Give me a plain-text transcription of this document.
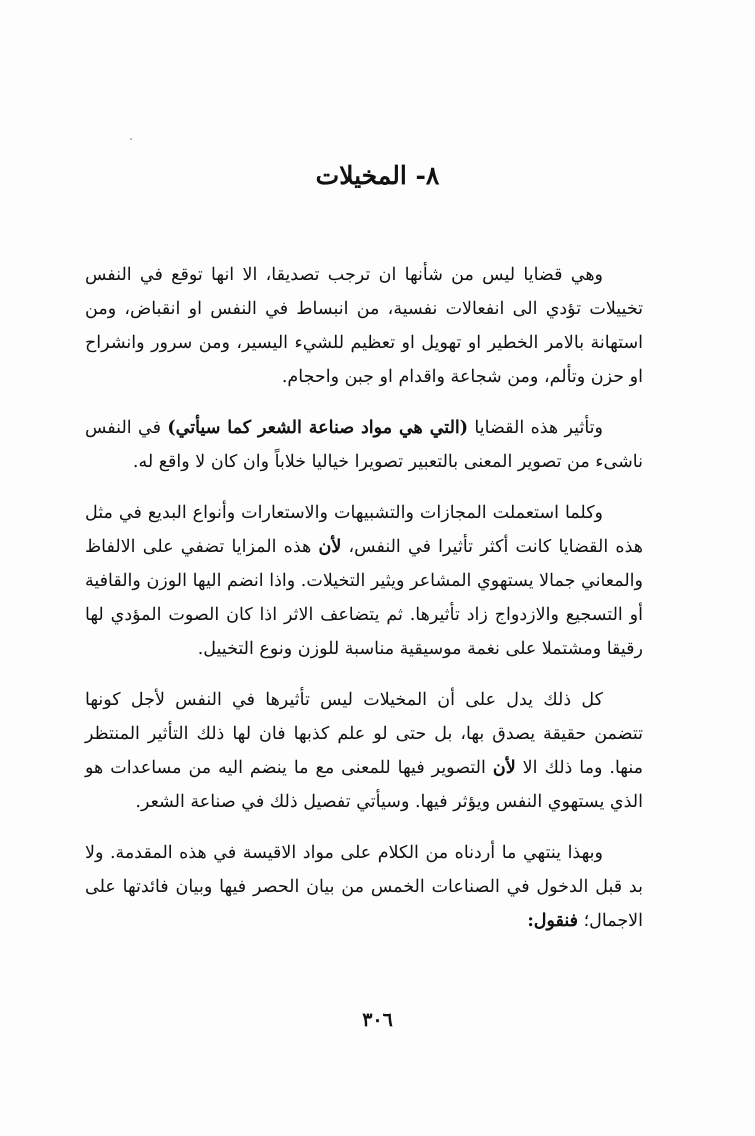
٨- المخيلات

وهي قضايا ليس من شأنها ان ترجب تصديقا، الا انها توقع في النفس تخييلات تؤدي الى انفعالات نفسية، من انبساط في النفس او انقباض، ومن استهانة بالامر الخطير او تهويل او تعظيم للشيء اليسير، ومن سرور وانشراح او حزن وتألم، ومن شجاعة واقدام او جبن واحجام.

وتأثير هذه القضايا (التي هي مواد صناعة الشعر كما سيأتي) في النفس ناشىء من تصوير المعنى بالتعبير تصويرا خياليا خلاباً وان كان لا واقع له.

وكلما استعملت المجازات والتشبيهات والاستعارات وأنواع البديع في مثل هذه القضايا كانت أكثر تأثيرا في النفس، لأن هذه المزايا تضفي على الالفاظ والمعاني جمالا يستهوي المشاعر ويثير التخيلات. واذا انضم اليها الوزن والقافية أو التسجيع والازدواج زاد تأثيرها. ثم يتضاعف الاثر اذا كان الصوت المؤدي لها رقيقا ومشتملا على نغمة موسيقية مناسبة للوزن ونوع التخييل.

كل ذلك يدل على أن المخيلات ليس تأثيرها في النفس لأجل كونها تتضمن حقيقة يصدق بها، بل حتى لو علم كذبها فان لها ذلك التأثير المنتظر منها. وما ذلك الا لأن التصوير فيها للمعنى مع ما ينضم اليه من مساعدات هو الذي يستهوي النفس ويؤثر فيها. وسيأتي تفصيل ذلك في صناعة الشعر.

وبهذا ينتهي ما أردناه من الكلام على مواد الاقيسة في هذه المقدمة. ولا بد قبل الدخول في الصناعات الخمس من بيان الحصر فيها وبيان فائدتها على الاجمال؛ فنقول:

٣٠٦
